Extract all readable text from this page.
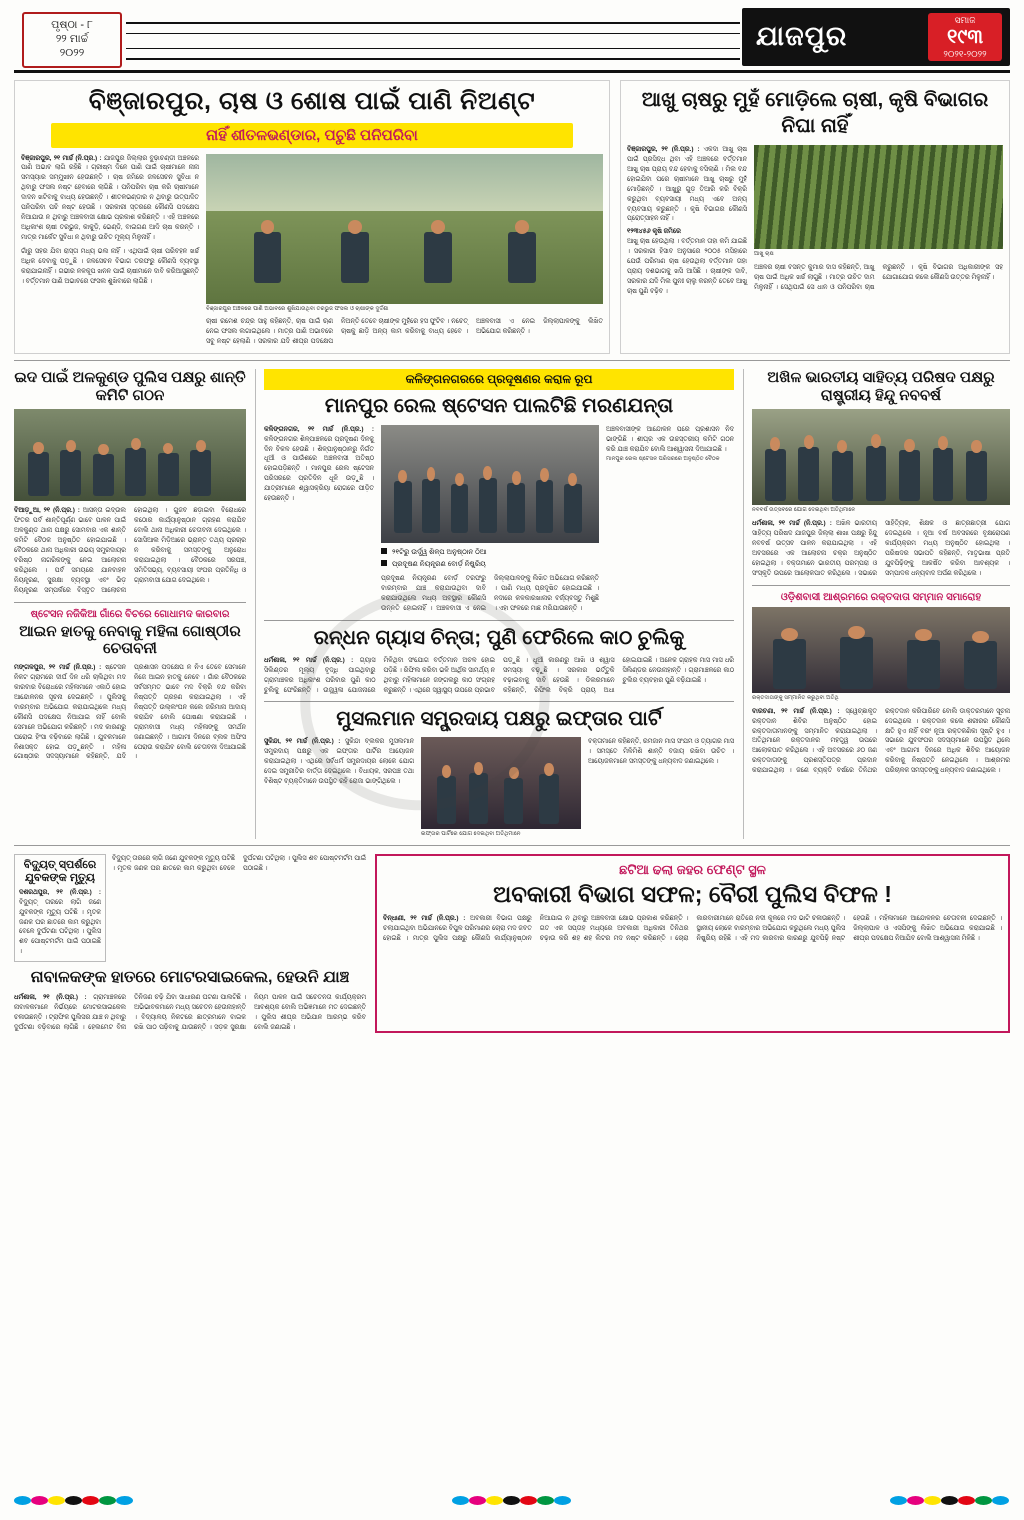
ପୃଷ୍ଠା - ୮
୨୨ ମାର୍ଚ୍ଚ
୨୦୨୨
ଯାଜପୁର
ସମାଜ
୧୯୩
୨୦୨୧-୨୦୨୨
ବିଞ୍ଜାରପୁର, ଚାଷ ଓ ଶୋଷ ପାଇଁ ପାଣି ନିଅଣ୍ଟ
ନାହିଁ ଶୀତଳଭଣ୍ଡାର, ପଚୁଛି ପନିପରିବା
ବିଞ୍ଜାରପୁର, ୨୧ ମାର୍ଚ୍ଚ (ନି.ପ୍ର.) : ଯାଜପୁର ଜିଲ୍ଲାର ବୁଢ଼ାଚଣ୍ଡୀ ଅଞ୍ଚଳରେ ପାଣି ଅଭାବ ଲାଗି ରହିଛି । ଗ୍ରୀଷ୍ମ ଦିନେ ପାଣି ପାଇଁ ଚାଷୀମାନେ ନାନା ସମସ୍ୟାର ସମ୍ମୁଖୀନ ହେଉଛନ୍ତି । ଚାଷ ଜମିରେ ଜଳସେଚନ ସୁବିଧା ନ ଥିବାରୁ ଫସଲ ନଷ୍ଟ ହେବାରେ ଲାଗିଛି । ପନିପରିବା ଚାଷ କରି ଚାଷୀମାନେ ଦାଦନ ଖଟିବାକୁ ବାଧ୍ୟ ହେଉଛନ୍ତି । ଶୀତଳଭଣ୍ଡାର ନ ଥିବାରୁ ଉତ୍ପାଦିତ ପନିପରିବା ପଚି ନଷ୍ଟ ହେଉଛି । ସରକାରୀ ସ୍ତରରେ କୌଣସି ପଦକ୍ଷେପ ନିଆଯାଉ ନ ଥିବାରୁ ଅଞ୍ଚଳବାସୀ କ୍ଷୋଭ ପ୍ରକାଶ କରିଛନ୍ତି । ଏହି ଅଞ୍ଚଳରେ ଅଧିକାଂଶ ଚାଷୀ ତରଭୁଜ, କାକୁଡ଼ି, ଭେଣ୍ଡି, ବାଇଗଣ ଆଦି ଚାଷ କରନ୍ତି । ମାତ୍ର ମାର୍କେଟ ସୁବିଧା ନ ଥିବାରୁ ଉଚିତ ମୂଲ୍ୟ ମିଳୁନାହିଁ ।
ଗାଁରୁ ସହର ଯିବା ରାସ୍ତା ମଧ୍ୟ ଭଲ ନାହିଁ । ଏଥିପାଇଁ ଚାଷୀ ପରିବହନ ଖର୍ଚ୍ଚ ଅଧିକ ଦେବାକୁ ପଡ଼ୁଛି । ଜଳସେଚନ ବିଭାଗ ତରଫରୁ କୌଣସି ବ୍ୟବସ୍ଥା କରାଯାଇନାହିଁ । ଗଭୀର ନଳକୂପ ଖନନ ପାଇଁ ଚାଷୀମାନେ ଦାବି କରିଆସୁଛନ୍ତି । ବର୍ତ୍ତମାନ ପାଣି ଅଭାବରେ ଫସଲ ଶୁଖିବାରେ ଲାଗିଛି ।
ବିଞ୍ଜାରପୁର ଅଞ୍ଚଳରେ ପାଣି ଅଭାବରେ ଶୁଖିଯାଉଥିବା ତରଭୁଜ ଫସଲ ଓ ଚାଷୀଙ୍କ ଦୁର୍ଦ୍ଦଶା
ଚାଷୀ ରମେଶ ଚନ୍ଦ୍ର ସାହୁ କହିଛନ୍ତି, ଚାଷ ପାଇଁ ଋଣ ନେଇ ଫସଲ ଲଗାଇଥିଲେ । ମାତ୍ର ପାଣି ଅଭାବରେ ସବୁ ନଷ୍ଟ ହେଲାଣି । ସରକାର ଯଦି ଶୀଘ୍ର ପଦକ୍ଷେପ ନିଅନ୍ତି ତେବେ ଚାଷୀଙ୍କ ମୁହଁରେ ହସ ଫୁଟିବ । ନଚେତ୍ ଚାଷକୁ ଛାଡ଼ି ଅନ୍ୟ କାମ କରିବାକୁ ବାଧ୍ୟ ହେବେ । ଅଞ୍ଚଳବାସୀ ଏ ନେଇ ଜିଲ୍ଲାପାଳଙ୍କୁ ଲିଖିତ ଅଭିଯୋଗ କରିଛନ୍ତି ।
ଆଖୁ ଚାଷରୁ ମୁହଁ ମୋଡ଼ିଲେ ଚାଷୀ, କୃଷି ବିଭାଗର ନିଘା ନାହିଁ
ବିଞ୍ଜାରପୁର, ୨୧ (ନି.ପ୍ର.) : ଏକଦା ଆଖୁ ଚାଷ ପାଇଁ ପ୍ରସିଦ୍ଧ ଥିବା ଏହି ଅଞ୍ଚଳରେ ବର୍ତ୍ତମାନ ଆଖୁ ଚାଷ ପ୍ରାୟ ବନ୍ଦ ହେବାକୁ ବସିଲାଣି । ମିଲ ବନ୍ଦ ହୋଇଯିବା ପରେ ଚାଷୀମାନେ ଆଖୁ ଚାଷରୁ ମୁହଁ ମୋଡ଼ିଛନ୍ତି । ଆଖୁରୁ ଗୁଡ଼ ତିଆରି କରି ବିକ୍ରି କରୁଥିବା ବ୍ୟବସାୟୀ ମଧ୍ୟ ଏବେ ଅନ୍ୟ ବ୍ୟବସାୟ କରୁଛନ୍ତି । କୃଷି ବିଭାଗର କୌଣସି ପ୍ରୋତ୍ସାହନ ନାହିଁ ।
୧୨୩୪୫୬ କୃଷି ଜମିରେ
ଆଖୁ ଚାଷ ହେଉଥିଲା । ବର୍ତ୍ତମାନ ତାହା କମି ଯାଇଛି । ସରକାରୀ ହିସାବ ଅନୁସାରେ ୨୦୦୫ ମସିହାରେ ଯେଉଁ ପରିମାଣ ଚାଷ ହେଉଥିଲା ବର୍ତ୍ତମାନ ତାହା ପ୍ରାୟ ଦଶଭାଗକୁ ଖସି ଆସିଛି । ଚାଷୀଙ୍କ ଦାବି, ସରକାର ଯଦି ମିଲ ପୁନଃ ଚାଲୁ କରନ୍ତି ତେବେ ଆଖୁ ଚାଷ ପୁଣି ବଢ଼ିବ ।
ଆଖୁ ଚାଷ
ଅଞ୍ଚଳର ଚାଷୀ ବସନ୍ତ କୁମାର ଦାସ କହିଛନ୍ତି, ଆଖୁ ଚାଷ ପାଇଁ ଅଧିକ ଖର୍ଚ୍ଚ ଲାଗୁଛି । ମାତ୍ର ଉଚିତ ଦାମ ମିଳୁନାହିଁ । ସେଥିପାଇଁ ସେ ଧାନ ଓ ପନିପରିବା ଚାଷ କରୁଛନ୍ତି । କୃଷି ବିଭାଗର ଅଧିକାରୀଙ୍କ ସହ ଯୋଗାଯୋଗ କଲେ କୌଣସି ଉତ୍ତର ମିଳୁନାହିଁ ।
ଇଦ ପାଇଁ ଅଳକୁଣ୍ଡ ପୁଲିସ ପକ୍ଷରୁ ଶାନ୍ତି କମିଟି ଗଠନ
ବିଆଡ଼ୁଆ, ୨୧ (ନି.ପ୍ର.) : ଆସନ୍ତା ଇଦ୍‌ଉଲ ଫିତର ପର୍ବ ଶାନ୍ତିପୂର୍ଣ୍ଣ ଭାବେ ପାଳନ ପାଇଁ ଅଳକୁଣ୍ଡ ଥାନା ପକ୍ଷରୁ ସୋମବାର ଏକ ଶାନ୍ତି କମିଟି ବୈଠକ ଅନୁଷ୍ଠିତ ହୋଇଯାଇଛି । ବୈଠକରେ ଥାନା ଅଧିକାରୀ ଉଭୟ ସମ୍ପ୍ରଦାୟର ବରିଷ୍ଠ ନାଗରିକଙ୍କୁ ନେଇ ଆଲୋଚନା କରିଥିଲେ । ପର୍ବ ସମୟରେ ଯାନବାହନ ନିୟନ୍ତ୍ରଣ, ସୁରକ୍ଷା ବ୍ୟବସ୍ଥା ଏବଂ ଭିଡ଼ ନିୟନ୍ତ୍ରଣ ସମ୍ପର୍କରେ ବିସ୍ତୃତ ଆଲୋଚନା ହୋଇଥିଲା । ଗୁଜବ ଛଡ଼ାଇବା ବିରୋଧରେ କଠୋର କାର୍ଯ୍ୟାନୁଷ୍ଠାନ ଗ୍ରହଣ କରାଯିବ ବୋଲି ଥାନା ଅଧିକାରୀ ଚେତାବନୀ ଦେଇଥିଲେ । ସୋସିଆଲ ମିଡ଼ିଆରେ ଭ୍ରାନ୍ତ ତଥ୍ୟ ପ୍ରଚାର ନ କରିବାକୁ ସମସ୍ତଙ୍କୁ ଅନୁରୋଧ କରାଯାଇଥିଲା । ବୈଠକରେ ସରପଞ୍ଚ, ସମିତିସଭ୍ୟ, ବ୍ୟବସାୟୀ ସଂଘର ପ୍ରତିନିଧି ଓ ଗ୍ରାମବାସୀ ଯୋଗ ଦେଇଥିଲେ ।
ଷ୍ଟେସନ ନଜିକିଆ ଗାଁରେ ବିଚରେ ଗୋଧାମଦ କାରବାର
ଆଇନ ହାତକୁ ନେବାକୁ ମହିଳା ଗୋଷ୍ଠୀର ଚେତାବନୀ
ମଙ୍ଗଳପୁର, ୨୧ ମାର୍ଚ୍ଚ (ନି.ପ୍ର.) : ଷ୍ଟେସନ ନିକଟ ଗ୍ରାମରେ ଦୀର୍ଘ ଦିନ ଧରି ଚାଲିଥିବା ମଦ କାରବାର ବିରୋଧରେ ମହିଳାମାନେ ଏକାଠି ହୋଇ ଆନ୍ଦୋଳନର ସୂଚନା ଦେଇଛନ୍ତି । ପୁଲିସକୁ ବାରମ୍ବାର ଅଭିଯୋଗ କରାଯାଇଥିଲେ ମଧ୍ୟ କୌଣସି ପଦକ୍ଷେପ ନିଆଯାଇ ନାହିଁ ବୋଲି ସେମାନେ ଅଭିଯୋଗ କରିଛନ୍ତି । ମଦ କାରଣରୁ ଘରୋଇ ହିଂସା ବଢ଼ିବାରେ ଲାଗିଛି । ଯୁବକମାନେ ନିଶାସକ୍ତ ହୋଇ ପଡ଼ୁଛନ୍ତି । ମହିଳା ଗୋଷ୍ଠୀର ସଦସ୍ୟାମାନେ କହିଛନ୍ତି, ଯଦି ପ୍ରଶାସନ ପଦକ୍ଷେପ ନ ନିଏ ତେବେ ସେମାନେ ନିଜେ ଆଇନ ହାତକୁ ନେବେ । ଗାଁର ବୈଠକରେ ସର୍ବସମ୍ମତ ଭାବେ ମଦ ବିକ୍ରି ବନ୍ଦ କରିବା ନିଷ୍ପତ୍ତି ଗ୍ରହଣ କରାଯାଇଥିଲା । ଏହି ନିଷ୍ପତ୍ତି ଉଲ୍ଲଂଘନ କଲେ ଜରିମାନା ଆଦାୟ କରାଯିବ ବୋଲି ଘୋଷଣା କରାଯାଇଛି । ଗ୍ରାମବାସୀ ମଧ୍ୟ ମହିଳାଙ୍କୁ ସମର୍ଥନ ଜଣାଇଛନ୍ତି । ଆଗାମୀ ଦିନରେ ବ୍ଲକ ଅଫିସ ଘେରାଉ କରାଯିବ ବୋଲି ଚେତାବନୀ ଦିଆଯାଇଛି ।
କଳିଙ୍ଗନଗରରେ ପ୍ରଦୂଷଣର କରାଳ ରୂପ
ମାନପୁର ରେଲ ଷ୍ଟେସନ ପାଲଟିଛି ମରଣଯନ୍ତା
କଳିଙ୍ଗନଗର, ୨୧ ମାର୍ଚ୍ଚ (ନି.ପ୍ର.) : କଳିଙ୍ଗନଗର ଶିଳ୍ପାଞ୍ଚଳରେ ପ୍ରଦୂଷଣ ଦିନକୁ ଦିନ ବିକଳ ହେଉଛି । ଶିଳ୍ପାନୁଷ୍ଠାନରୁ ନିର୍ଗତ ଧୂଆଁ ଓ ପାଉଁଶରେ ଅଞ୍ଚଳବାସୀ ଅତିଷ୍ଠ ହୋଇପଡ଼ିଛନ୍ତି । ମାନପୁର ରେଲ ଷ୍ଟେସନ ପରିସରରେ ପ୍ରତିଦିନ ଧୂଳି ଉଡ଼ୁଛି । ଯାତ୍ରୀମାନେ ଶ୍ୱାସକ୍ରିୟା ରୋଗରେ ପୀଡ଼ିତ ହେଉଛନ୍ତି ।
୨୧ଟିରୁ ଉର୍ଦ୍ଧ୍ୱ ଶିଳ୍ପ ଅନୁଷ୍ଠାନ ଠିଆ
ପ୍ରଦୂଷଣ ନିୟନ୍ତ୍ରଣ ବୋର୍ଡ଼ ନିଷ୍କ୍ରିୟ
ପ୍ରଦୂଷଣ ନିୟନ୍ତ୍ରଣ ବୋର୍ଡ଼ ତରଫରୁ ବାରମ୍ବାର ଯାଞ୍ଚ କରାଯାଉଥିବା ଦାବି କରାଯାଉଥିଲେ ମଧ୍ୟ ଅବସ୍ଥାର କୌଣସି ଉନ୍ନତି ହୋଇନାହିଁ । ଅଞ୍ଚଳବାସୀ ଏ ନେଇ ଜିଲ୍ଲାପାଳଙ୍କୁ ଲିଖିତ ଅଭିଯୋଗ କରିଛନ୍ତି । ପାଣି ମଧ୍ୟ ପ୍ରଦୂଷିତ ହୋଇଯାଇଛି । ନଦୀରେ କଳକାରଖାନାର ବର୍ଜ୍ୟବସ୍ତୁ ମିଶୁଛି । ଏହା ଫଳରେ ମାଛ ମରିଯାଉଛନ୍ତି ।
ଅଞ୍ଚଳବାସୀଙ୍କ ଆନ୍ଦୋଳନ ପରେ ପ୍ରଶାସନ ନିଦ ଭାଙ୍ଗିଛି । ଶୀଘ୍ର ଏକ ଉଚ୍ଚସ୍ତରୀୟ କମିଟି ଗଠନ କରି ଯାଞ୍ଚ କରାଯିବ ବୋଲି ଆଶ୍ୱାସନା ଦିଆଯାଇଛି ।
ମାନପୁର ରେଲ ଷ୍ଟେସନ ପରିସରରେ ଅନୁଷ୍ଠିତ ବୈଠକ
ରନ୍ଧନ ଗ୍ୟାସ ଚିନ୍ତା; ପୁଣି ଫେରିଲେ କାଠ ଚୁଲିକୁ
ଧର୍ମଶାଳା, ୨୧ ମାର୍ଚ୍ଚ (ନି.ପ୍ର.) : ଗ୍ୟାସ ସିଲିଣ୍ଡର ମୂଲ୍ୟ ବୃଦ୍ଧି ପାଇଥିବାରୁ ଗ୍ରାମାଞ୍ଚଳର ଅଧିକାଂଶ ପରିବାର ପୁଣି କାଠ ଚୁଲିକୁ ଫେରିଛନ୍ତି । ଉଜ୍ଜ୍ୱଳା ଯୋଜନାରେ ମିଳିଥିବା ସଂଯୋଗ ବର୍ତ୍ତମାନ ଅଚଳ ହୋଇ ପଡ଼ିଛି । ରିଫିଲ କରିବା ଭଳି ଆର୍ଥିକ ସାମର୍ଥ୍ୟ ନ ଥିବାରୁ ମହିଳାମାନେ ଜଙ୍ଗଲରୁ କାଠ ସଂଗ୍ରହ କରୁଛନ୍ତି । ଏଥିରେ ସ୍ୱାସ୍ଥ୍ୟ ଉପରେ ପ୍ରଭାବ ପଡ଼ୁଛି । ଧୂଆଁ କାରଣରୁ ଆଖି ଓ ଶ୍ୱାସ ସମସ୍ୟା ବଢ଼ୁଛି । ସରକାର ଭର୍ତ୍ତୁକି ବଢ଼ାଇବାକୁ ଦାବି ହେଉଛି । ଡିଲରମାନେ କହିଛନ୍ତି, ରିଫିଲ ବିକ୍ରି ପ୍ରାୟ ଅଧା ହୋଇଯାଇଛି । ଅନେକ ଗ୍ରାହକ ମାସ ମାସ ଧରି ସିଲିଣ୍ଡର ନେଉନାହାନ୍ତି । ଗ୍ରାମାଞ୍ଚଳରେ କାଠ ଚୁଲିର ବ୍ୟବହାର ପୁଣି ବଢ଼ିଯାଇଛି ।
ମୁସଲମାନ ସମ୍ପ୍ରଦାୟ ପକ୍ଷରୁ ଇଫ୍ତାର ପାର୍ଟି
ସୁକିନ୍ଦା, ୨୧ ମାର୍ଚ୍ଚ (ନି.ପ୍ର.) : ସୁକିନ୍ଦା ବ୍ଲକର ମୁସଲମାନ ସମ୍ପ୍ରଦାୟ ପକ୍ଷରୁ ଏକ ଇଫ୍ତାର ପାର୍ଟିର ଆୟୋଜନ କରାଯାଇଥିଲା । ଏଥିରେ ସର୍ବଧର୍ମ ସମ୍ପ୍ରଦାୟର ଲୋକେ ଯୋଗ ଦେଇ ସମ୍ପ୍ରୀତିର ବାର୍ତ୍ତା ଦେଇଥିଲେ । ବିଧାୟକ, ସରପଞ୍ଚ ତଥା ବିଶିଷ୍ଟ ବ୍ୟକ୍ତିମାନେ ଉପସ୍ଥିତ ରହି ରୋଜା ଭାଙ୍ଗିଥିଲେ ।
ଇଫ୍ତାର ପାର୍ଟିରେ ଯୋଗ ଦେଇଥିବା ଅତିଥିମାନେ
ବକ୍ତାମାନେ କହିଛନ୍ତି, ରମଜାନ ମାସ ସଂଯମ ଓ ତ୍ୟାଗର ମାସ । ସମସ୍ତେ ମିଳିମିଶି ଶାନ୍ତି ବଜାୟ ରଖିବା ଉଚିତ । ଆୟୋଜକମାନେ ସମସ୍ତଙ୍କୁ ଧନ୍ୟବାଦ ଜଣାଇଥିଲେ ।
ଅଖିଳ ଭାରତୀୟ ସାହିତ୍ୟ ପରିଷଦ ପକ୍ଷରୁ ରାଷ୍ଟ୍ରୀୟ ହିନ୍ଦୁ ନବବର୍ଷ
ନବବର୍ଷ ଉତ୍ସବରେ ଯୋଗ ଦେଇଥିବା ଅତିଥିମାନେ
ଧର୍ମଶାଳା, ୨୧ ମାର୍ଚ୍ଚ (ନି.ପ୍ର.) : ଅଖିଳ ଭାରତୀୟ ସାହିତ୍ୟ ପରିଷଦ ଯାଜପୁର ଜିଲ୍ଲା ଶାଖା ପକ୍ଷରୁ ହିନ୍ଦୁ ନବବର୍ଷ ଉତ୍ସବ ପାଳନ କରାଯାଇଥିଲା । ଏହି ଅବସରରେ ଏକ ଆଲୋଚନା ଚକ୍ର ଅନୁଷ୍ଠିତ ହୋଇଥିଲା । ବକ୍ତାମାନେ ଭାରତୀୟ ପରମ୍ପରା ଓ ସଂସ୍କୃତି ଉପରେ ଆଲୋକପାତ କରିଥିଲେ । ସଭାରେ ସାହିତ୍ୟିକ, ଶିକ୍ଷକ ଓ ଛାତ୍ରଛାତ୍ରୀ ଯୋଗ ଦେଇଥିଲେ । ନୂଆ ବର୍ଷ ଅବସରରେ ବୃକ୍ଷରୋପଣ କାର୍ଯ୍ୟକ୍ରମ ମଧ୍ୟ ଅନୁଷ୍ଠିତ ହୋଇଥିଲା । ପରିଷଦର ସଭାପତି କହିଛନ୍ତି, ମାତୃଭାଷା ପ୍ରତି ଯୁବପିଢ଼ିଙ୍କୁ ଆକର୍ଷିତ କରିବା ଆବଶ୍ୟକ । ସମ୍ପାଦକ ଧନ୍ୟବାଦ ଅର୍ପଣ କରିଥିଲେ ।
ଓଡ଼ିଶବାସୀ ଆଶ୍ରମରେ ରକ୍ତଦାତା ସମ୍ମାନ ସମାରୋହ
ରକ୍ତଦାତାଙ୍କୁ ସମ୍ମାନିତ କରୁଥିବା ଅତିଥି
ବାରଚଣା, ୨୧ ମାର୍ଚ୍ଚ (ନି.ପ୍ର.) : ସ୍ୱେଚ୍ଛାକୃତ ରକ୍ତଦାନ ଶିବିର ଅନୁଷ୍ଠିତ ହୋଇ ରକ୍ତଦାତାମାନଙ୍କୁ ସମ୍ମାନିତ କରାଯାଇଥିଲା । ଅତିଥିମାନେ ରକ୍ତଦାନର ମହତ୍ତ୍ୱ ଉପରେ ଆଲୋକପାତ କରିଥିଲେ । ଏହି ଅବସରରେ ୬୦ ଜଣ ରକ୍ତଦାତାଙ୍କୁ ପ୍ରଶସ୍ତିପତ୍ର ପ୍ରଦାନ କରାଯାଇଥିଲା । ଜଣେ ବ୍ୟକ୍ତି ବର୍ଷରେ ତିନିଥର ରକ୍ତଦାନ କରିପାରିବେ ବୋଲି ଡାକ୍ତରମାନେ ସୂଚନା ଦେଇଥିଲେ । ରକ୍ତଦାନ କଲେ ଶରୀରର କୌଣସି କ୍ଷତି ହୁଏ ନାହିଁ ବରଂ ନୂଆ ରକ୍ତକଣିକା ସୃଷ୍ଟି ହୁଏ । ସଭାରେ ଯୁବସଂଘର ସଦସ୍ୟମାନେ ଉପସ୍ଥିତ ଥିଲେ ଏବଂ ଆଗାମୀ ଦିନରେ ଅଧିକ ଶିବିର ଆୟୋଜନ କରିବାକୁ ନିଷ୍ପତ୍ତି ନେଇଥିଲେ । ଆଶ୍ରମର ପରିଚାଳକ ସମସ୍ତଙ୍କୁ ଧନ୍ୟବାଦ ଜଣାଇଥିଲେ ।
ବିଦ୍ୟୁତ୍ ସ୍ପର୍ଶରେ ଯୁବକଙ୍କ ମୃତ୍ୟୁ
ଦଶରଥପୁର, ୨୧ (ନି.ପ୍ର.) : ବିଦ୍ୟୁତ୍ ତାରରେ ଲାଗି ଜଣେ ଯୁବକଙ୍କ ମୃତ୍ୟୁ ଘଟିଛି । ମୃତକ ଜଣକ ଘର ଛାତରେ କାମ କରୁଥିବା ବେଳେ ଦୁର୍ଘଟଣା ଘଟିଥିଲା । ପୁଲିସ ଶବ ପୋଷ୍ଟମର୍ଟମ ପାଇଁ ପଠାଇଛି ।
ବିଦ୍ୟୁତ୍ ତାରରେ ଲାଗି ଜଣେ ଯୁବକଙ୍କ ମୃତ୍ୟୁ ଘଟିଛି । ମୃତକ ଜଣକ ଘର ଛାତରେ କାମ କରୁଥିବା ବେଳେ ଦୁର୍ଘଟଣା ଘଟିଥିଲା । ପୁଲିସ ଶବ ପୋଷ୍ଟମର୍ଟମ ପାଇଁ ପଠାଇଛି ।
ନାବାଳକଙ୍କ ହାତରେ ମୋଟରସାଇକେଲ, ହେଉନି ଯାଞ୍ଚ
ଧର୍ମଶାଳା, ୨୧ (ନି.ପ୍ର.) : ଗ୍ରାମାଞ୍ଚଳରେ ନାବାଳକମାନେ ନିର୍ଭୟରେ ମୋଟରସାଇକେଲ ଚଳାଉଛନ୍ତି । ଟ୍ରାଫିକ ପୁଲିସର ଯାଞ୍ଚ ନ ଥିବାରୁ ଦୁର୍ଘଟଣା ବଢ଼ିବାରେ ଲାଗିଛି । ହେଲମେଟ ବିନା ତିନିଜଣ ଚଢ଼ି ଯିବା ସାଧାରଣ ଘଟଣା ପାଲଟିଛି । ଅଭିଭାବକମାନେ ମଧ୍ୟ ସଚେତନ ହେଉନାହାନ୍ତି । ବିଦ୍ୟାଳୟ ନିକଟରେ ଛାତ୍ରମାନେ ବାଇକ ରଖି ପାଠ ପଢ଼ିବାକୁ ଯାଉଛନ୍ତି । ସଡ଼କ ସୁରକ୍ଷା ନିୟମ ପାଳନ ପାଇଁ ସଚେତନତା କାର୍ଯ୍ୟକ୍ରମ ଆବଶ୍ୟକ ବୋଲି ଅଭିଜ୍ଞମାନେ ମତ ଦେଇଛନ୍ତି । ପୁଲିସ ଶୀଘ୍ର ଅଭିଯାନ ଆରମ୍ଭ କରିବ ବୋଲି ଜଣାଇଛି ।
ଛଟିଆ ଢଲା ଜହର ଫେଣ୍ଟ ସ୍ଥଳ
ଅବକାରୀ ବିଭାଗ ସଫଳ; ବୈରୀ ପୁଲିସ ବିଫଳ !
ବିନ୍ଧାଣୀ, ୨୧ ମାର୍ଚ୍ଚ (ନି.ପ୍ର.) : ଅବକାରୀ ବିଭାଗ ପକ୍ଷରୁ ଚଲାଯାଇଥିବା ଅଭିଯାନରେ ବିପୁଳ ପରିମାଣର ଚୋରା ମଦ ଜବତ ହୋଇଛି । ମାତ୍ର ପୁଲିସ ପକ୍ଷରୁ କୌଣସି କାର୍ଯ୍ୟାନୁଷ୍ଠାନ ନିଆଯାଇ ନ ଥିବାରୁ ଅଞ୍ଚଳବାସୀ କ୍ଷୋଭ ପ୍ରକାଶ କରିଛନ୍ତି । ଗତ ଏକ ସପ୍ତାହ ମଧ୍ୟରେ ଅବକାରୀ ଅଧିକାରୀ ତିନିଥର ଚଢ଼ାଉ କରି ଶହ ଶହ ଲିଟର ମଦ ନଷ୍ଟ କରିଛନ୍ତି । ଚୋରା କାରବାରୀମାନେ ରାତିରେ ନଦୀ କୂଳରେ ମଦ ଭାଟି ଚଳାଉଛନ୍ତି । ସ୍ଥାନୀୟ ଲୋକେ ବାରମ୍ବାର ଅଭିଯୋଗ କରୁଥିଲେ ମଧ୍ୟ ପୁଲିସ ନିଷ୍କ୍ରିୟ ରହିଛି । ଏହି ମଦ କାରବାର କାରଣରୁ ଯୁବପିଢ଼ି ନଷ୍ଟ ହେଉଛି । ମହିଳାମାନେ ଆନ୍ଦୋଳନର ଚେତାବନୀ ଦେଇଛନ୍ତି । ଜିଲ୍ଲାପାଳ ଓ ଏସପିଙ୍କୁ ଲିଖିତ ଅଭିଯୋଗ କରାଯାଇଛି । ଶୀଘ୍ର ପଦକ୍ଷେପ ନିଆଯିବ ବୋଲି ଆଶ୍ୱାସନା ମିଳିଛି ।
